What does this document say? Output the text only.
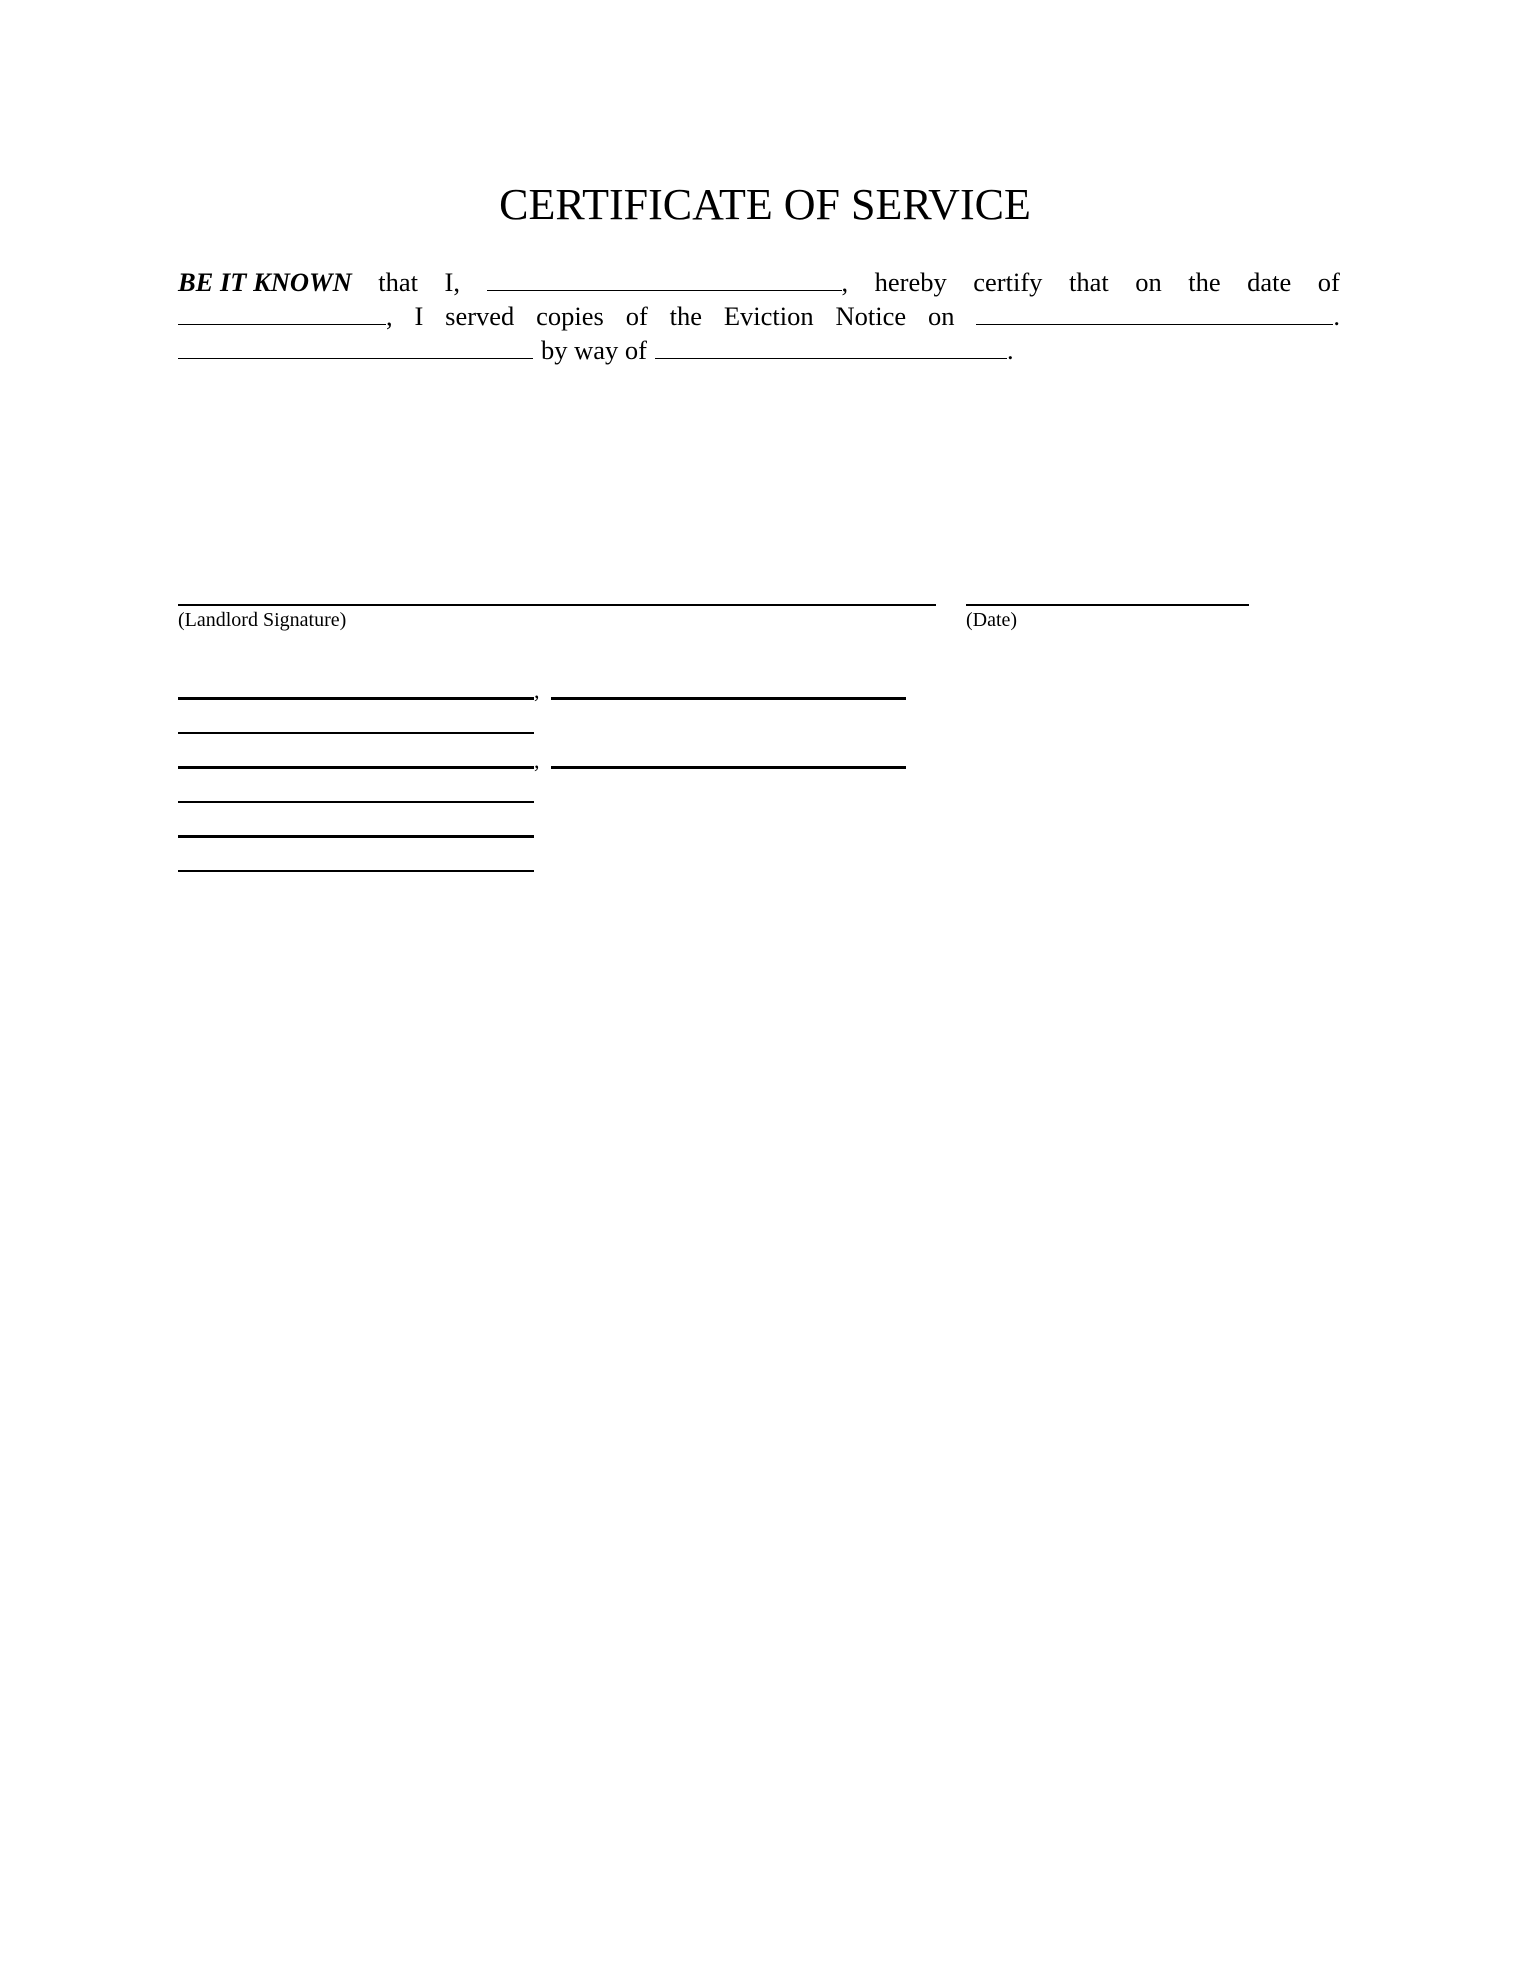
CERTIFICATE OF SERVICE
BE IT KNOWN that I,	, hereby certify that on the date of
, I served copies of the Eviction Notice on	.
by way of	.
(Landlord Signature)	(Date)
,
,
